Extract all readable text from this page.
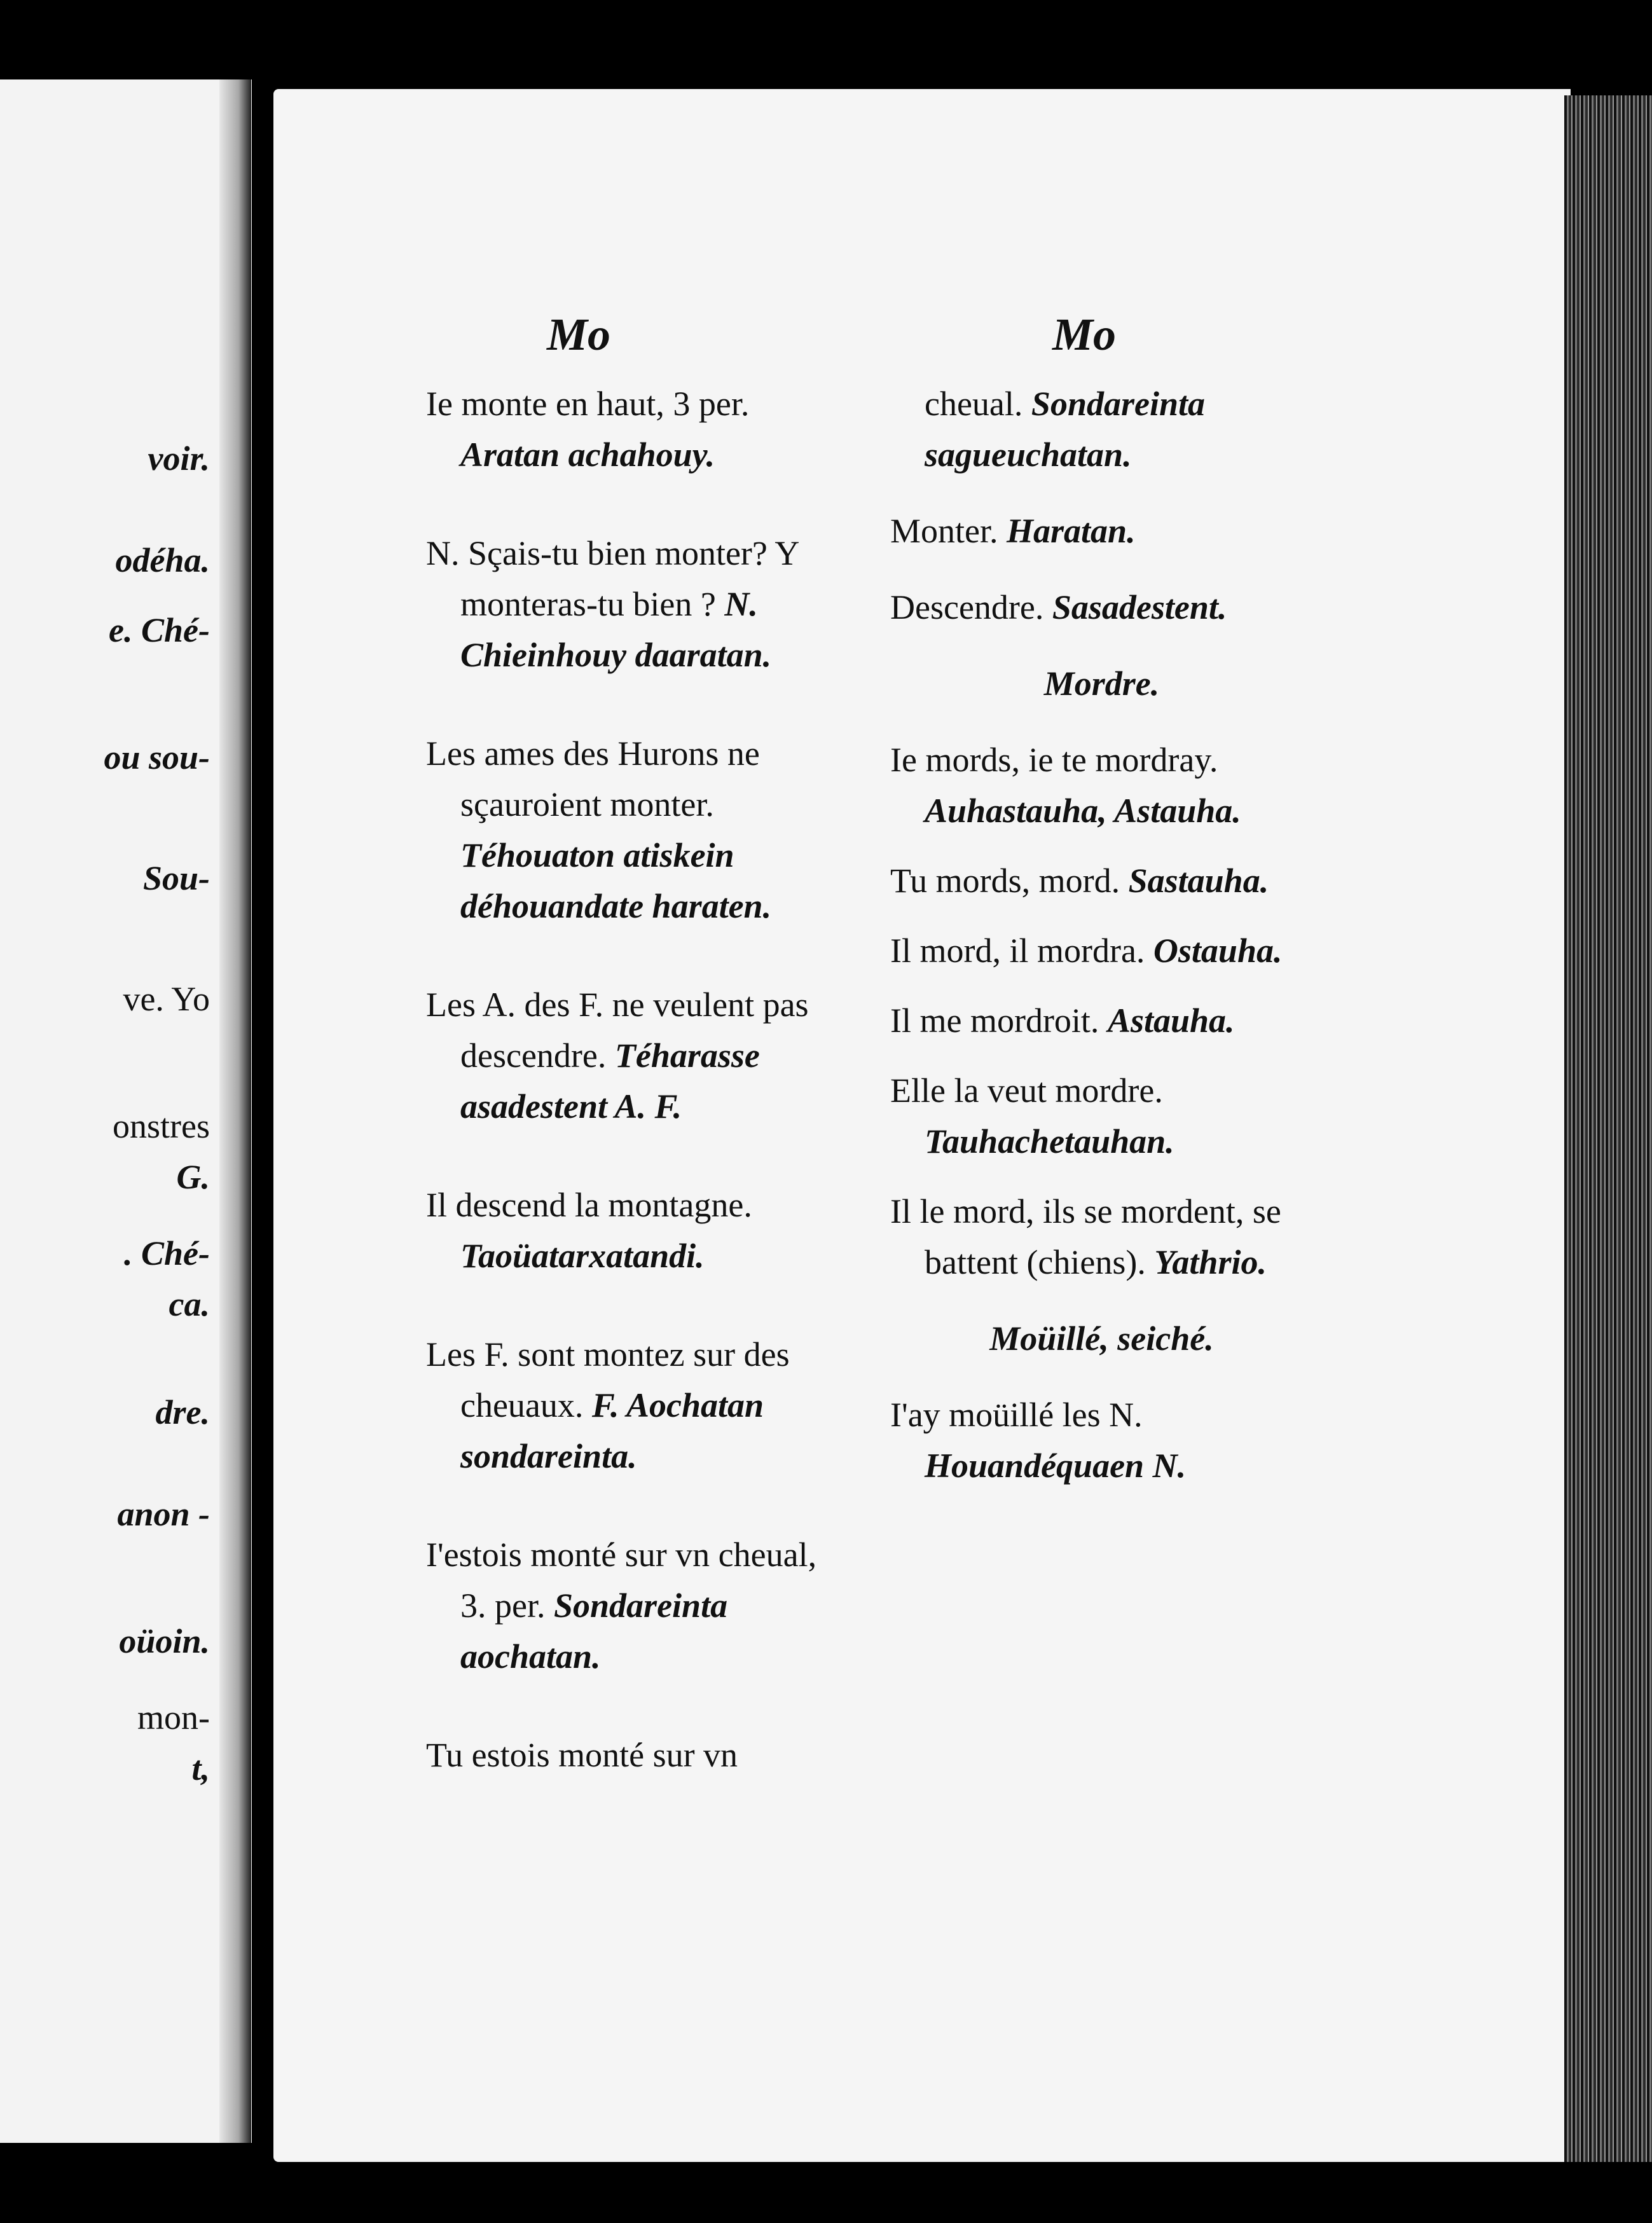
voir.
odéha.
e. Ché-
ou sou-
Sou-
ve. Yo
onstres
G.
. Ché-
ca.
dre.
anon -
oüoin.
mon-
t,
Mo	Mo

Ie monte en haut, 3 per. Aratan achahouy.

N. Sçais-tu bien monter? Y monteras-tu bien ? N. Chieinhouy daaratan.

Les ames des Hurons ne sçauroient monter. Téhouaton atiskein déhouandate haraten.

Les A. des F. ne veulent pas descendre. Téharasse asadestent A. F.

Il descend la montagne. Taoüatarxatandi.

Les F. sont montez sur des cheuaux. F. Aochatan sondareinta.

I'estois monté sur vn cheual, 3. per. Sondareinta aochatan.

Tu estois monté sur vn

cheual. Sondareinta sagueuchatan.

Monter. Haratan.

Descendre. Sasadestent.

Mordre.

Ie mords, ie te mordray. Auhastauha, Astauha.

Tu mords, mord. Sastauha.

Il mord, il mordra. Ostauha.

Il me mordroit. Astauha.

Elle la veut mordre. Tauhachetauhan.

Il le mord, ils se mordent, se battent (chiens). Yathrio.

Moüillé, seiché.

I'ay moüillé les N. Houandéquaen N.
